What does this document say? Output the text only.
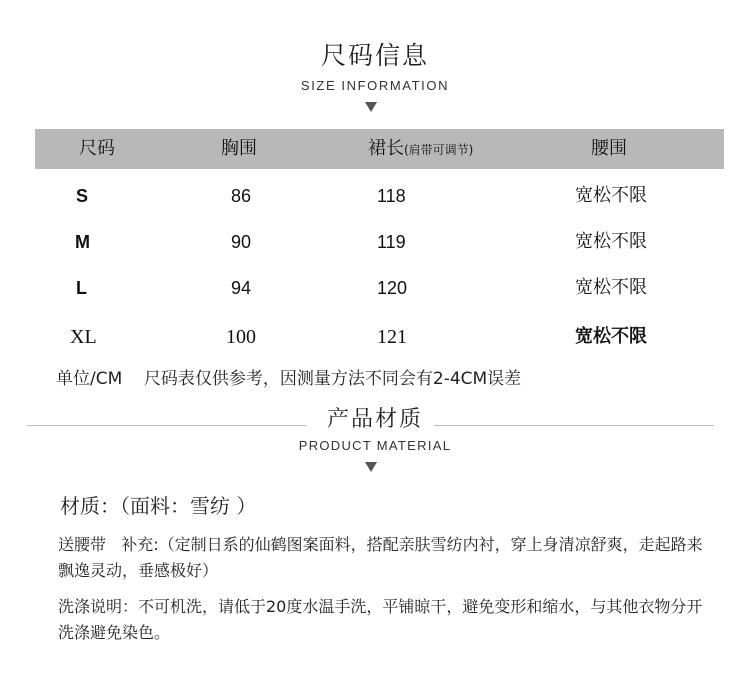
尺码信息
SIZE INFORMATION
尺码	胸围	裙长(肩带可调节)	腰围
S	86	118	宽松不限
M	90	119	宽松不限
L	94	120	宽松不限
XL	100	121	宽松不限
单位/CM    尺码表仅供参考，因测量方法不同会有2-4CM误差
产品材质
PRODUCT MATERIAL
材质：（面料：雪纺 ）
送腰带   补充:（定制日系的仙鹤图案面料，搭配亲肤雪纺内衬，穿上身清凉舒爽，走起路来飘逸灵动，垂感极好）
洗涤说明：不可机洗，请低于20度水温手洗，平铺晾干，避免变形和缩水，与其他衣物分开洗涤避免染色。
